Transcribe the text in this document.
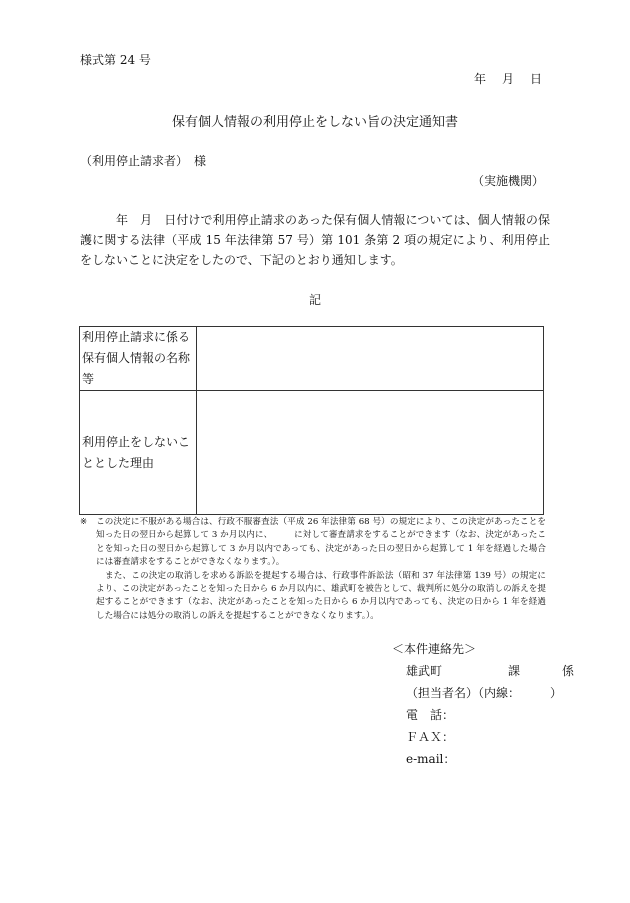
様式第 24 号
年　月　日
保有個人情報の利用停止をしない旨の決定通知書
（利用停止請求者）　様
（実施機関）
年　月　日付けで利用停止請求のあった保有個人情報については、個人情報の保護に関する法律（平成 15 年法律第 57 号）第 101 条第 2 項の規定により、利用停止をしないことに決定をしたので、下記のとおり通知します。
記
利用停止請求に係る保有個人情報の名称等	
利用停止をしないこととした理由	

※ この決定に不服がある場合は、行政不服審査法（平成 26 年法律第 68 号）の規定により、この決定があったことを知った日の翌日から起算して 3 か月以内に、　　　に対して審査請求をすることができます（なお、決定があったことを知った日の翌日から起算して 3 か月以内であっても、決定があった日の翌日から起算して 1 年を経過した場合には審査請求をすることができなくなります。）。

また、この決定の取消しを求める訴訟を提起する場合は、行政事件訴訟法（昭和 37 年法律第 139 号）の規定により、この決定があったことを知った日から 6 か月以内に、雄武町を被告として、裁判所に処分の取消しの訴えを提起することができます（なお、決定があったことを知った日から 6 か月以内であっても、決定の日から 1 年を経過した場合には処分の取消しの訴えを提起することができなくなります。）。

＜本件連絡先＞
雄武町	課	係
（担当者名）（内線：	）
電　話：
ＦＡＸ：
e-mail：
